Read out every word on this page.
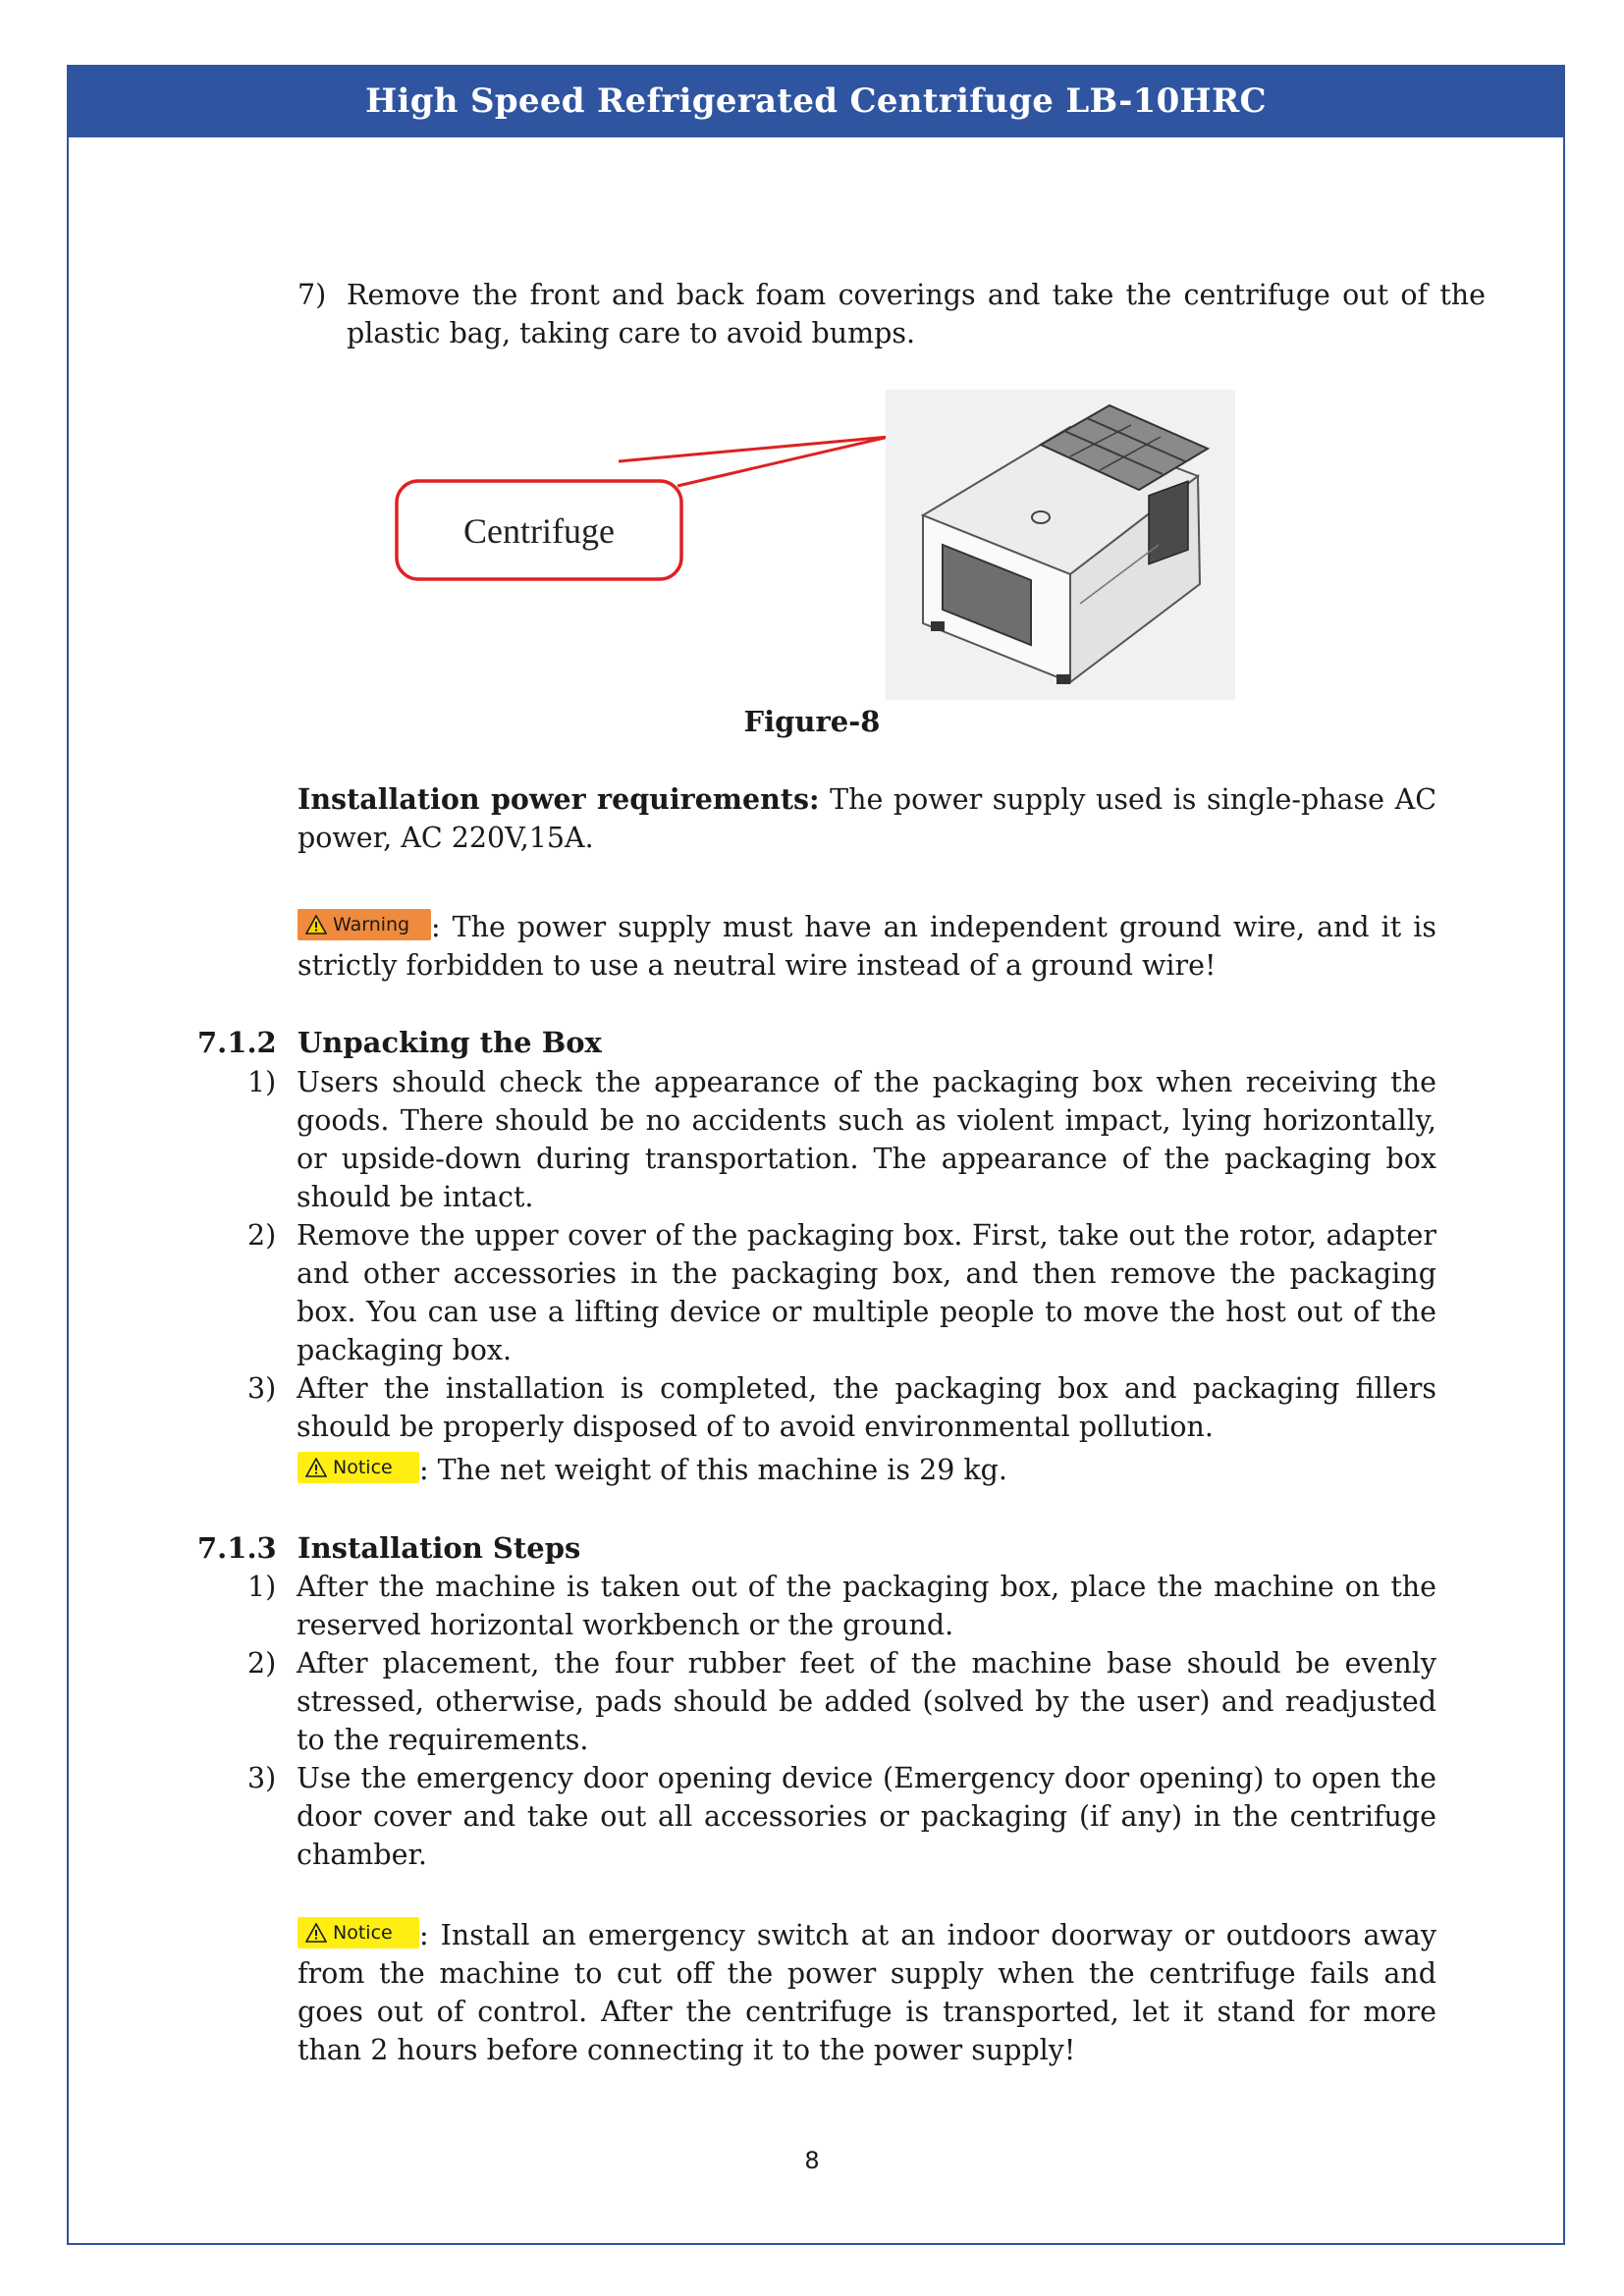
High Speed Refrigerated Centrifuge LB-10HRC
7) Remove the front and back foam coverings and take the centrifuge out of the plastic bag, taking care to avoid bumps.
Centrifuge
Figure-8
Installation power requirements: The power supply used is single-phase AC power, AC 220V,15A.
Warning : The power supply must have an independent ground wire, and it is strictly forbidden to use a neutral wire instead of a ground wire!
7.1.2 Unpacking the Box
1) Users should check the appearance of the packaging box when receiving the goods. There should be no accidents such as violent impact, lying horizontally, or upside-down during transportation. The appearance of the packaging box should be intact.
2) Remove the upper cover of the packaging box. First, take out the rotor, adapter and other accessories in the packaging box, and then remove the packaging box. You can use a lifting device or multiple people to move the host out of the packaging box.
3) After the installation is completed, the packaging box and packaging fillers should be properly disposed of to avoid environmental pollution.
Notice : The net weight of this machine is 29 kg.
7.1.3 Installation Steps
1) After the machine is taken out of the packaging box, place the machine on the reserved horizontal workbench or the ground.
2) After placement, the four rubber feet of the machine base should be evenly stressed, otherwise, pads should be added (solved by the user) and readjusted to the requirements.
3) Use the emergency door opening device (Emergency door opening) to open the door cover and take out all accessories or packaging (if any) in the centrifuge chamber.
Notice : Install an emergency switch at an indoor doorway or outdoors away from the machine to cut off the power supply when the centrifuge fails and goes out of control. After the centrifuge is transported, let it stand for more than 2 hours before connecting it to the power supply!
8
